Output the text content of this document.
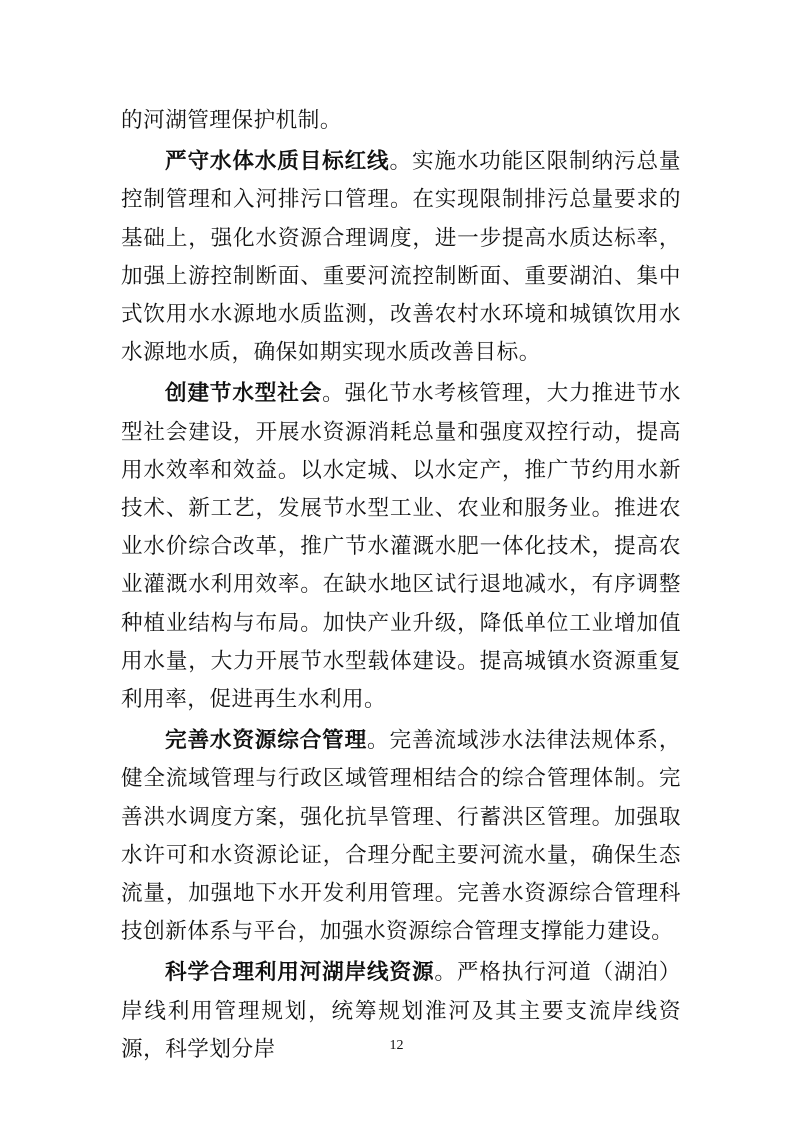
的河湖管理保护机制。

严守水体水质目标红线。实施水功能区限制纳污总量控制管理和入河排污口管理。在实现限制排污总量要求的基础上，强化水资源合理调度，进一步提高水质达标率，加强上游控制断面、重要河流控制断面、重要湖泊、集中式饮用水水源地水质监测，改善农村水环境和城镇饮用水水源地水质，确保如期实现水质改善目标。

创建节水型社会。强化节水考核管理，大力推进节水型社会建设，开展水资源消耗总量和强度双控行动，提高用水效率和效益。以水定城、以水定产，推广节约用水新技术、新工艺，发展节水型工业、农业和服务业。推进农业水价综合改革，推广节水灌溉水肥一体化技术，提高农业灌溉水利用效率。在缺水地区试行退地减水，有序调整种植业结构与布局。加快产业升级，降低单位工业增加值用水量，大力开展节水型载体建设。提高城镇水资源重复利用率，促进再生水利用。

完善水资源综合管理。完善流域涉水法律法规体系，健全流域管理与行政区域管理相结合的综合管理体制。完善洪水调度方案，强化抗旱管理、行蓄洪区管理。加强取水许可和水资源论证，合理分配主要河流水量，确保生态流量，加强地下水开发利用管理。完善水资源综合管理科技创新体系与平台，加强水资源综合管理支撑能力建设。

科学合理利用河湖岸线资源。严格执行河道（湖泊）岸线利用管理规划，统筹规划淮河及其主要支流岸线资源，科学划分岸	12
